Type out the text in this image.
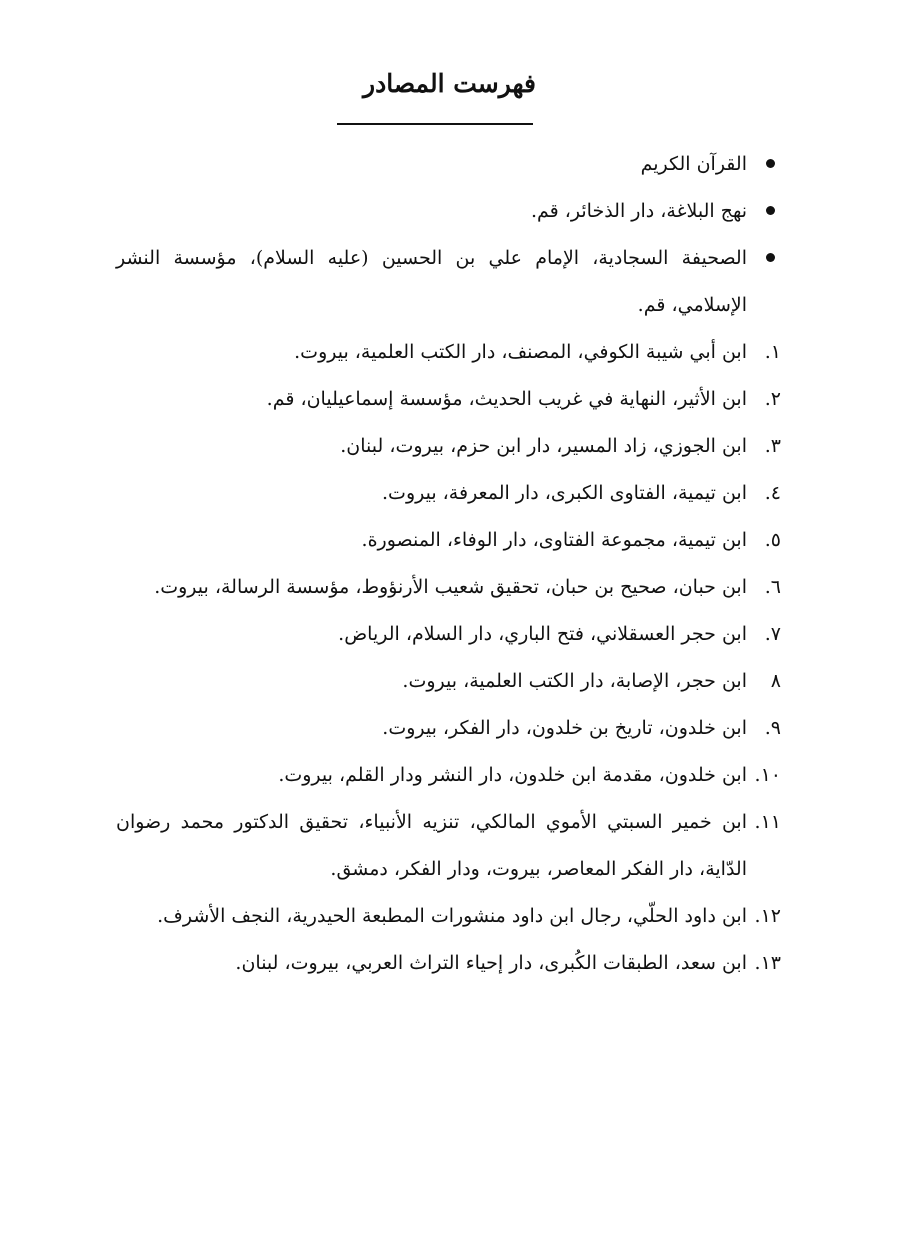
فهرست المصادر
القرآن الكريم
نهج البلاغة، دار الذخائر، قم.
الصحيفة السجادية، الإمام علي بن الحسين (عليه السلام)، مؤسسة النشر الإسلامي، قم.
١.
ابن أبي شيبة الكوفي، المصنف، دار الكتب العلمية، بيروت.
٢.
ابن الأثير، النهاية في غريب الحديث، مؤسسة إسماعيليان، قم.
٣.
ابن الجوزي، زاد المسير، دار ابن حزم، بيروت، لبنان.
٤.
ابن تيمية، الفتاوى الكبرى، دار المعرفة، بيروت.
٥.
ابن تيمية، مجموعة الفتاوى، دار الوفاء، المنصورة.
٦.
ابن حبان، صحيح بن حبان، تحقيق شعيب الأرنؤوط، مؤسسة الرسالة، بيروت.
٧.
ابن حجر العسقلاني، فتح الباري، دار السلام، الرياض.
٨
ابن حجر، الإصابة، دار الكتب العلمية، بيروت.
٩.
ابن خلدون، تاريخ بن خلدون، دار الفكر، بيروت.
١٠.
ابن خلدون، مقدمة ابن خلدون، دار النشر ودار القلم، بيروت.
١١.
ابن خمير السبتي الأموي المالكي، تنزيه الأنبياء، تحقيق الدكتور محمد رضوان الدّاية، دار الفكر المعاصر، بيروت، ودار الفكر، دمشق.
١٢.
ابن داود الحلّي، رجال ابن داود منشورات المطبعة الحيدرية، النجف الأشرف.
١٣.
ابن سعد، الطبقات الكُبرى، دار إحياء التراث العربي، بيروت، لبنان.
